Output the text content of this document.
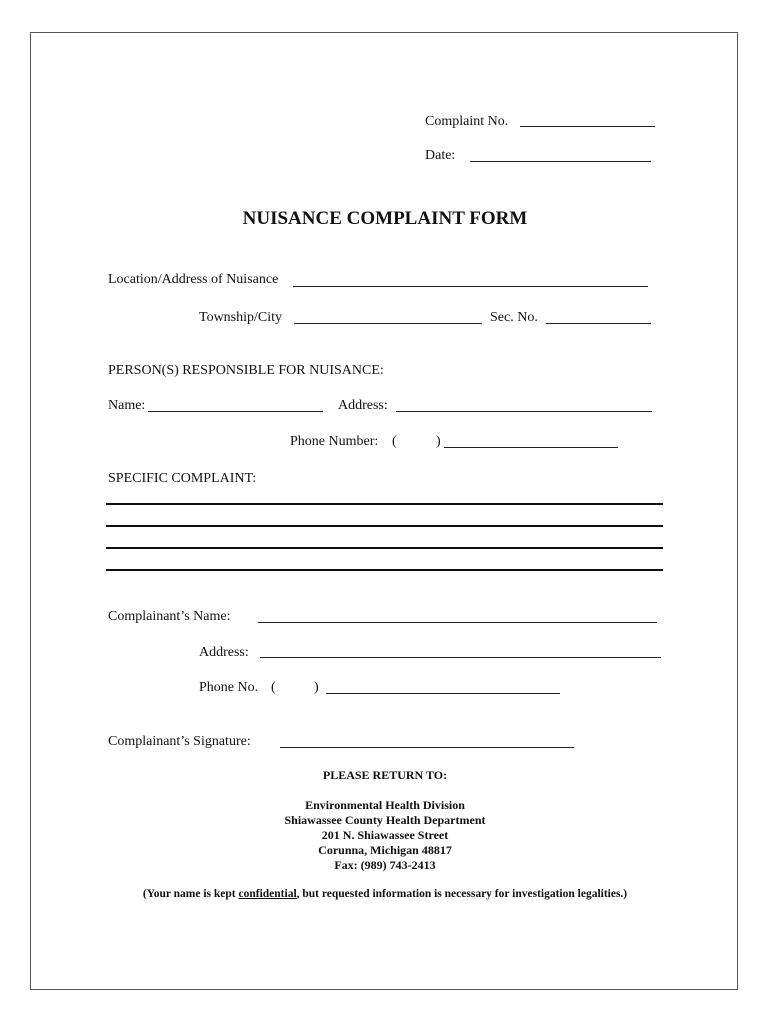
Complaint No.
Date:
NUISANCE COMPLAINT FORM
Location/Address of Nuisance
Township/City	Sec. No.
PERSON(S) RESPONSIBLE FOR NUISANCE:
Name:	Address:
Phone Number: (	)
SPECIFIC COMPLAINT:
Complainant’s Name:
Address:
Phone No. (	)
Complainant’s Signature:
PLEASE RETURN TO:
Environmental Health Division
Shiawassee County Health Department
201 N. Shiawassee Street
Corunna, Michigan 48817
Fax: (989) 743-2413
(Your name is kept confidential, but requested information is necessary for investigation legalities.)
